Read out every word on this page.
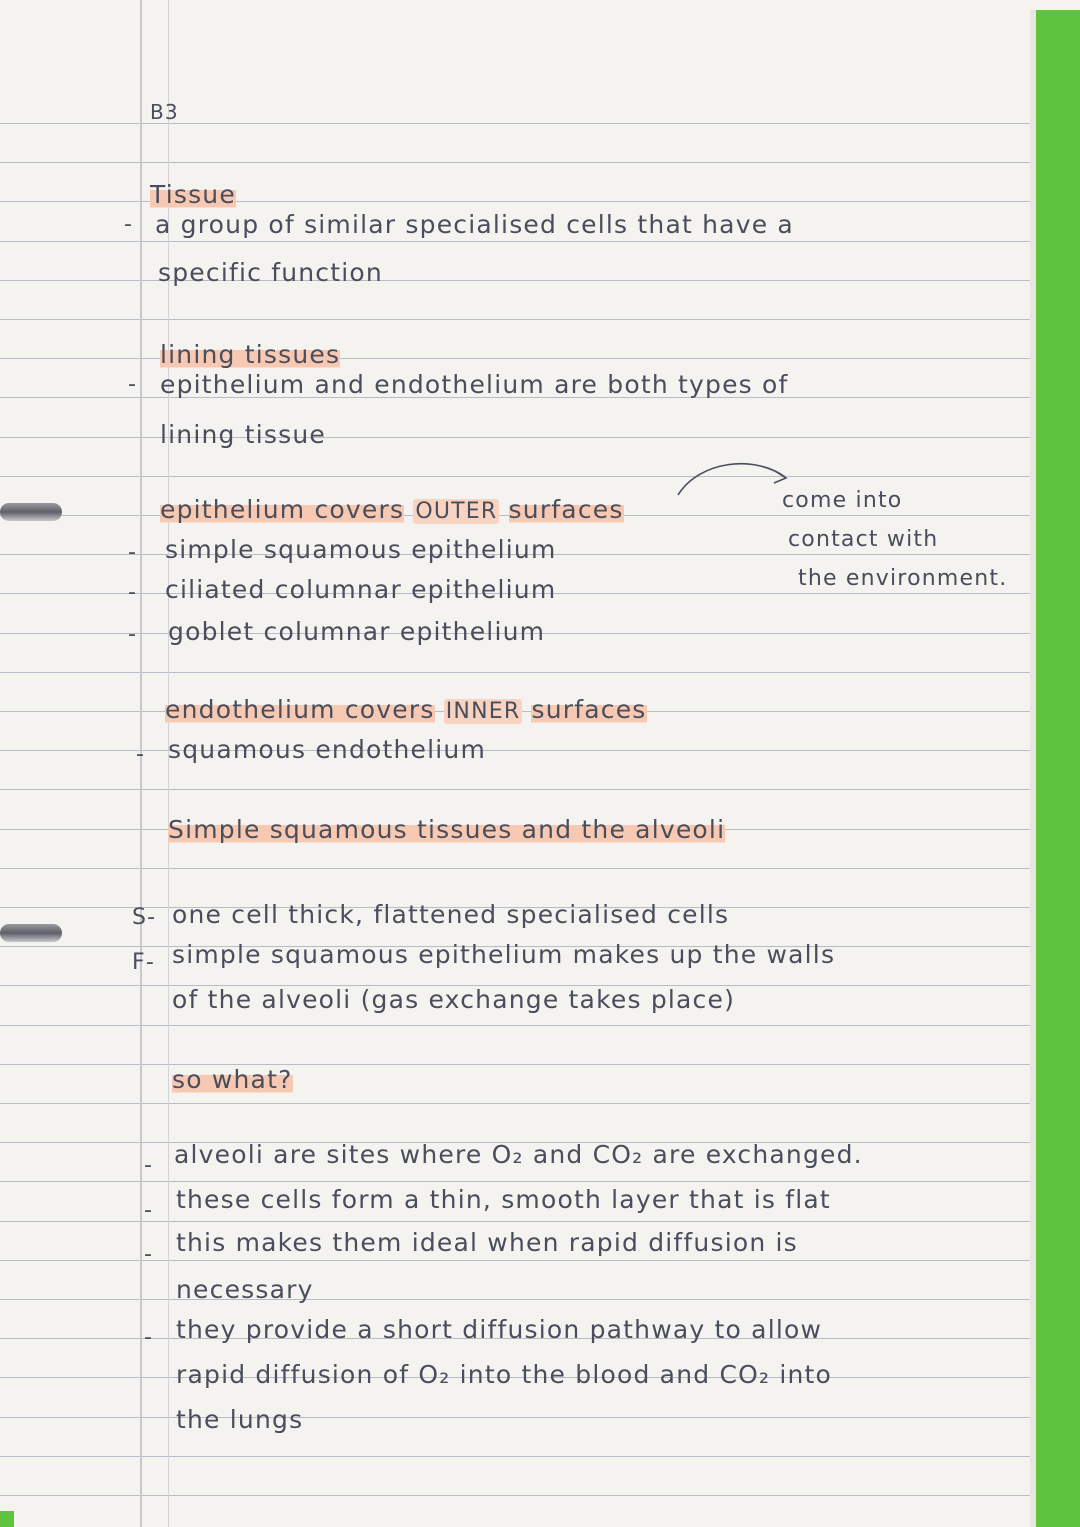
B3
Tissue
- a group of similar specialised cells that have a
specific function
lining tissues
- epithelium and endothelium are both types of
lining tissue
epithelium covers OUTER surfaces
- simple squamous epithelium
- ciliated columnar epithelium
- goblet columnar epithelium
come into
contact with
the environment.
endothelium covers INNER surfaces
- squamous endothelium
Simple squamous tissues and the alveoli
S- one cell thick, flattened specialised cells
F- simple squamous epithelium makes up the walls
of the alveoli (gas exchange takes place)
so what?
- alveoli are sites where O₂ and CO₂ are exchanged.
- these cells form a thin, smooth layer that is flat
- this makes them ideal when rapid diffusion is
necessary
- they provide a short diffusion pathway to allow
rapid diffusion of O₂ into the blood and CO₂ into
the lungs
